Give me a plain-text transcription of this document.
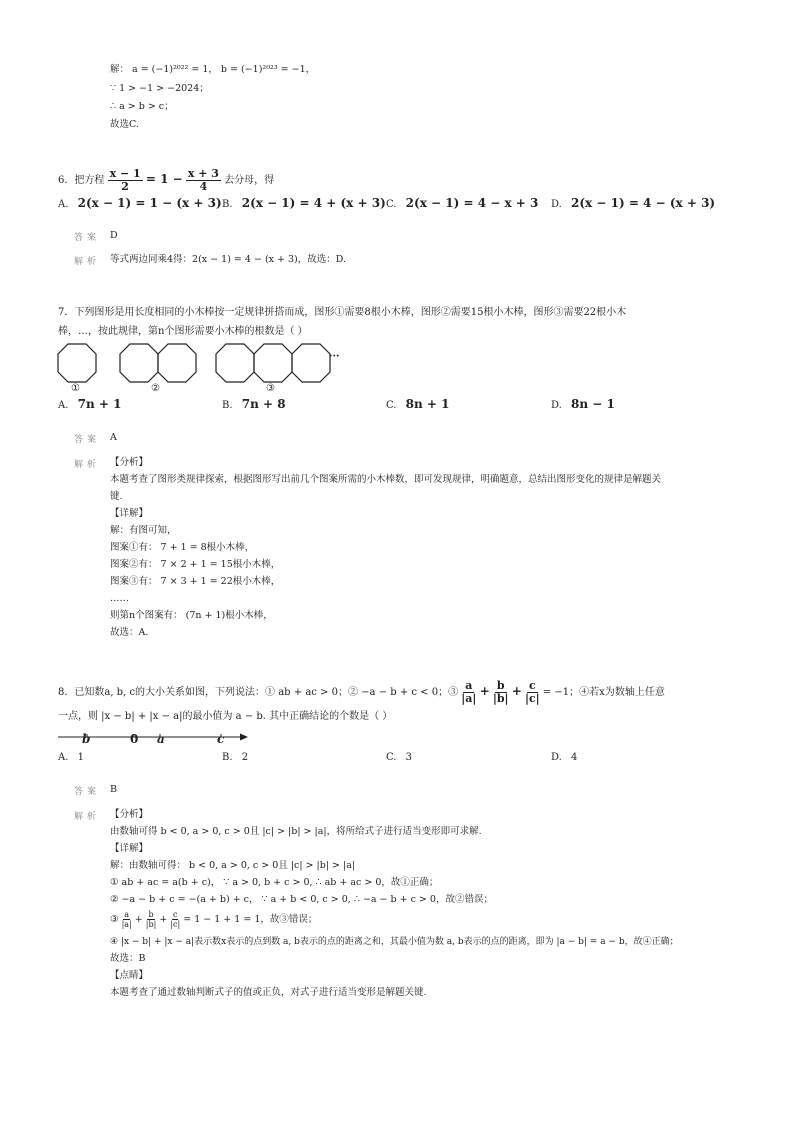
解： a = (−1)²⁰²² = 1， b = (−1)²⁰²³ = −1，
∵ 1 > −1 > −2024；
∴ a > b > c；
故选C.
6．把方程 $\frac{x - 1}{2} = 1 - \frac{x + 3}{4}$ 去分母，得
A. 2(x − 1) = 1 − (x + 3) B. 2(x − 1) = 4 + (x + 3) C. 2(x − 1) = 4 − x + 3 D. 2(x − 1) = 4 − (x + 3)
答案 D
解析 等式两边同乘4得：2(x − 1) = 4 − (x + 3)，故选：D.
7．下列图形是用长度相同的小木棒按一定规律拼搭而成，图形①需要8根小木棒，图形②需要15根小木棒，图形③需要22根小木
棒，…，按此规律，第n个图形需要小木棒的根数是（ ）
···
①	②	③
A. 7n + 1	B. 7n + 8	C. 8n + 1	D. 8n − 1
答案 A
解析 【分析】
本题考查了图形类规律探索，根据图形写出前几个图案所需的小木棒数，即可发现规律，明确题意，总结出图形变化的规律是解题关
键.
【详解】
解：有图可知，
图案①有： 7 + 1 = 8根小木棒，
图案②有： 7 × 2 + 1 = 15根小木棒，
图案③有： 7 × 3 + 1 = 22根小木棒，
……
则第n个图案有： (7n + 1)根小木棒，
故选：A.
8．已知数a, b, c的大小关系如图，下列说法：① ab + ac > 0；② −a − b + c < 0；③ $\frac{a}{|a|} + \frac{b}{|b|} + \frac{c}{|c|} = -1$；④若x为数轴上任意
一点，则 |x − b| + |x − a|的最小值为 a − b. 其中正确结论的个数是（ ）
b	0 a	c
A. 1	B. 2	C. 3	D. 4
答案 B
解析 【分析】
由数轴可得 b < 0, a > 0, c > 0且 |c| > |b| > |a|，将所给式子进行适当变形即可求解.
【详解】
解：由数轴可得： b < 0, a > 0, c > 0且 |c| > |b| > |a|
① ab + ac = a(b + c)， ∵ a > 0, b + c > 0, ∴ ab + ac > 0，故①正确；
② −a − b + c = −(a + b) + c， ∵ a + b < 0, c > 0, ∴ −a − b + c > 0，故②错误；
③ $\frac{a}{|a|} + \frac{b}{|b|} + \frac{c}{|c|} = 1 - 1 + 1 = 1$，故③错误；
④ |x − b| + |x − a|表示数x表示的点到数 a, b表示的点的距离之和，其最小值为数 a, b表示的点的距离，即为 |a − b| = a − b，故④正确；
故选：B
【点睛】
本题考查了通过数轴判断式子的值或正负，对式子进行适当变形是解题关键.
